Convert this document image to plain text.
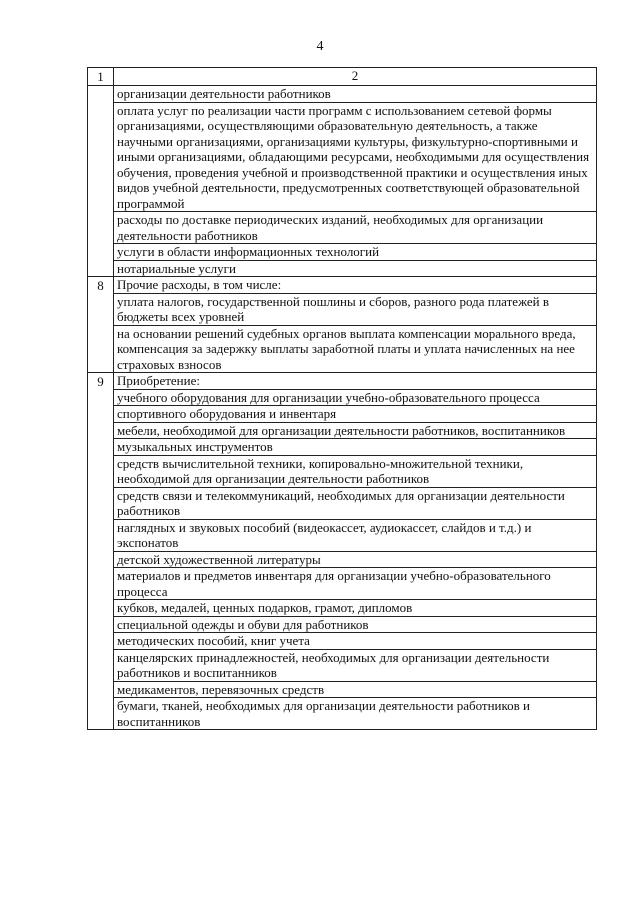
4
1	2
	организации деятельности работников
	оплата услуг по реализации части программ с использованием сетевой формы организациями, осуществляющими образовательную деятельность, а также научными организациями, организациями культуры, физкультурно-спортивными и иными организациями, обладающими ресурсами, необходимыми для осуществления обучения, проведения учебной и производственной практики и осуществления иных видов учебной деятельности, предусмотренных соответствующей образовательной программой
	расходы по доставке периодических изданий, необходимых для организации деятельности работников
	услуги в области информационных технологий
	нотариальные услуги
8	Прочие расходы, в том числе:
	уплата налогов, государственной пошлины и сборов, разного рода платежей в бюджеты всех уровней
	на основании решений судебных органов выплата компенсации морального вреда, компенсация за задержку выплаты заработной платы и уплата начисленных на нее страховых взносов
9	Приобретение:
	учебного оборудования для организации учебно-образовательного процесса
	спортивного оборудования и инвентаря
	мебели, необходимой для организации деятельности работников, воспитанников
	музыкальных инструментов
	средств вычислительной техники, копировально-множительной техники, необходимой для организации деятельности работников
	средств связи и телекоммуникаций, необходимых для организации деятельности работников
	наглядных и звуковых пособий (видеокассет, аудиокассет, слайдов и т.д.) и экспонатов
	детской художественной литературы
	материалов и предметов инвентаря для организации учебно-образовательного процесса
	кубков, медалей, ценных подарков, грамот, дипломов
	специальной одежды и обуви для работников
	методических пособий, книг учета
	канцелярских принадлежностей, необходимых для организации деятельности работников и воспитанников
	медикаментов, перевязочных средств
	бумаги, тканей, необходимых для организации деятельности работников и воспитанников
